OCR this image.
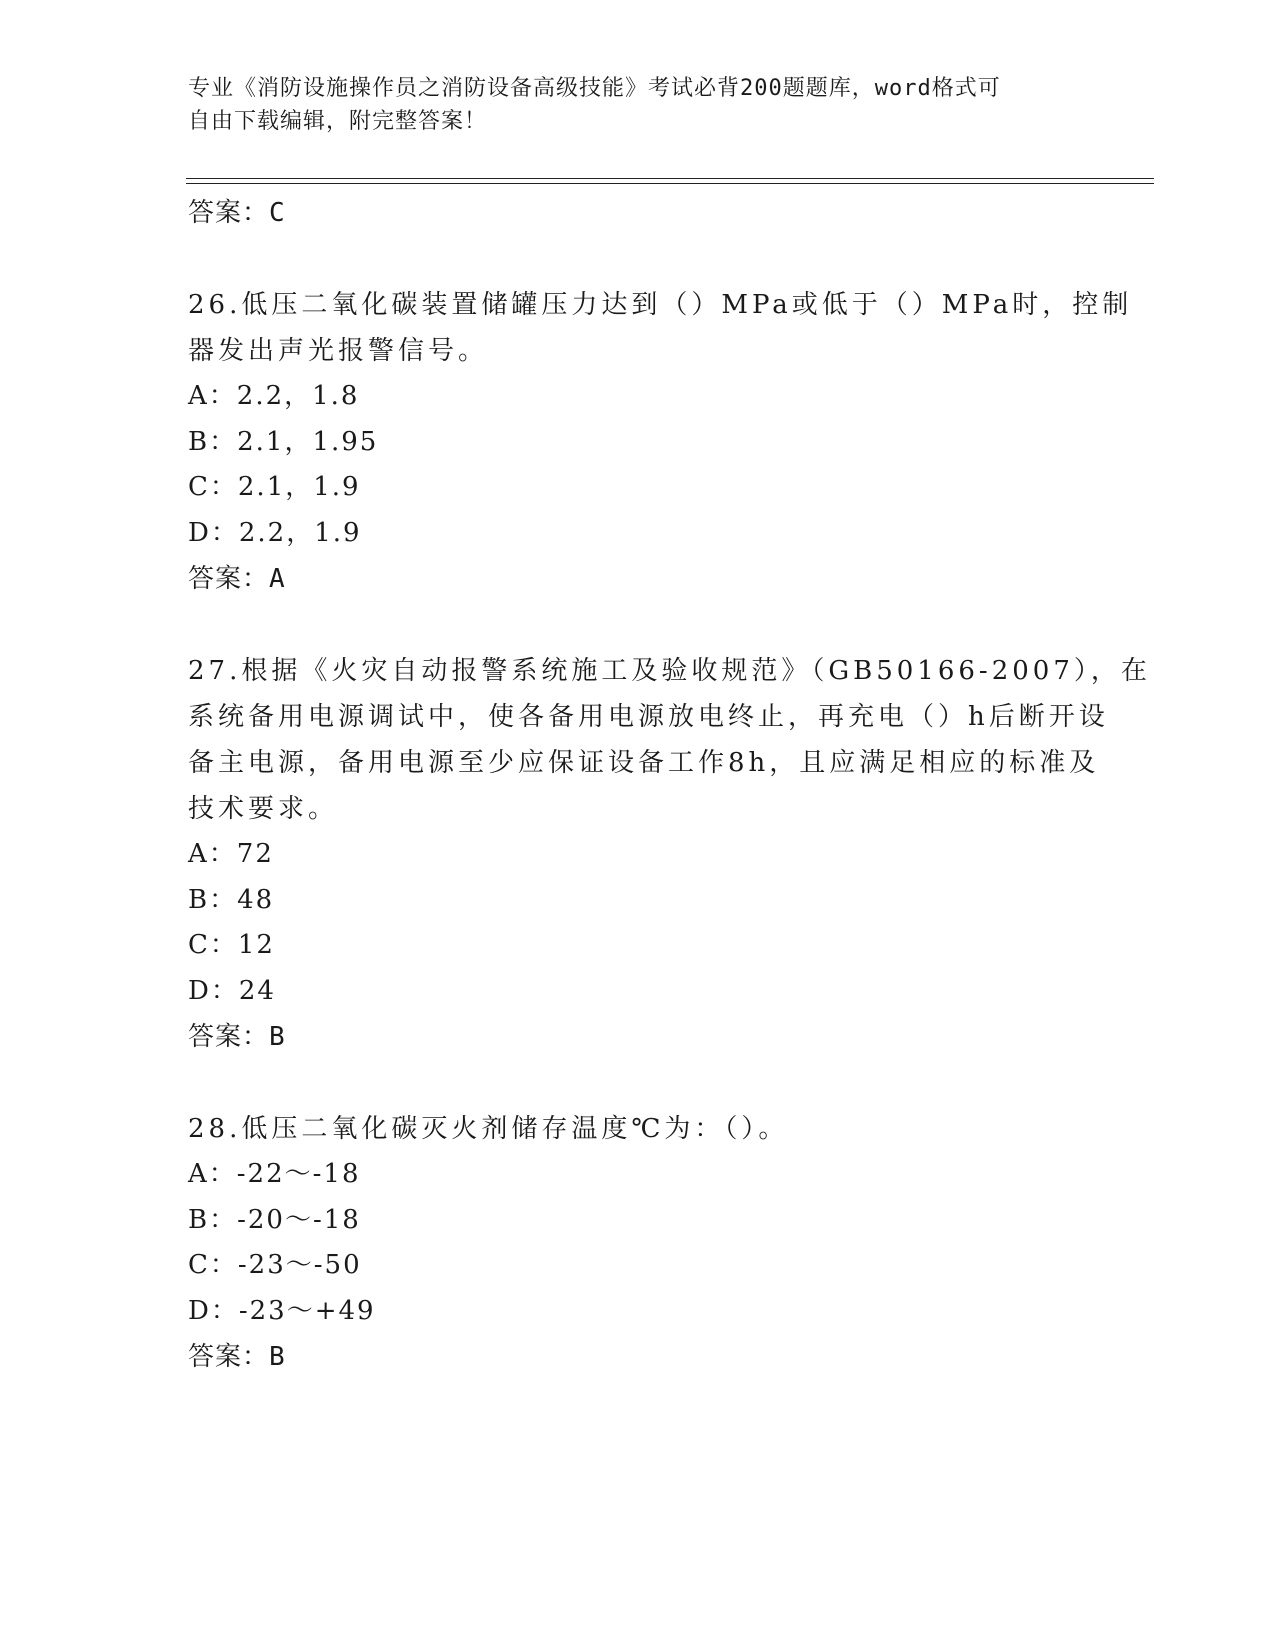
专业《消防设施操作员之消防设备高级技能》考试必背200题题库，word格式可
自由下载编辑，附完整答案！
答案：C
26.低压二氧化碳装置储罐压力达到（）MPa或低于（）MPa时，控制
器发出声光报警信号。
A：2.2，1.8
B：2.1，1.95
C：2.1，1.9
D：2.2，1.9
答案：A
27.根据《火灾自动报警系统施工及验收规范》（GB50166-2007），在
系统备用电源调试中，使各备用电源放电终止，再充电（）h后断开设
备主电源，备用电源至少应保证设备工作8h，且应满足相应的标准及
技术要求。
A：72
B：48
C：12
D：24
答案：B
28.低压二氧化碳灭火剂储存温度℃为：（）。
A：-22～-18
B：-20～-18
C：-23～-50
D：-23～+49
答案：B
